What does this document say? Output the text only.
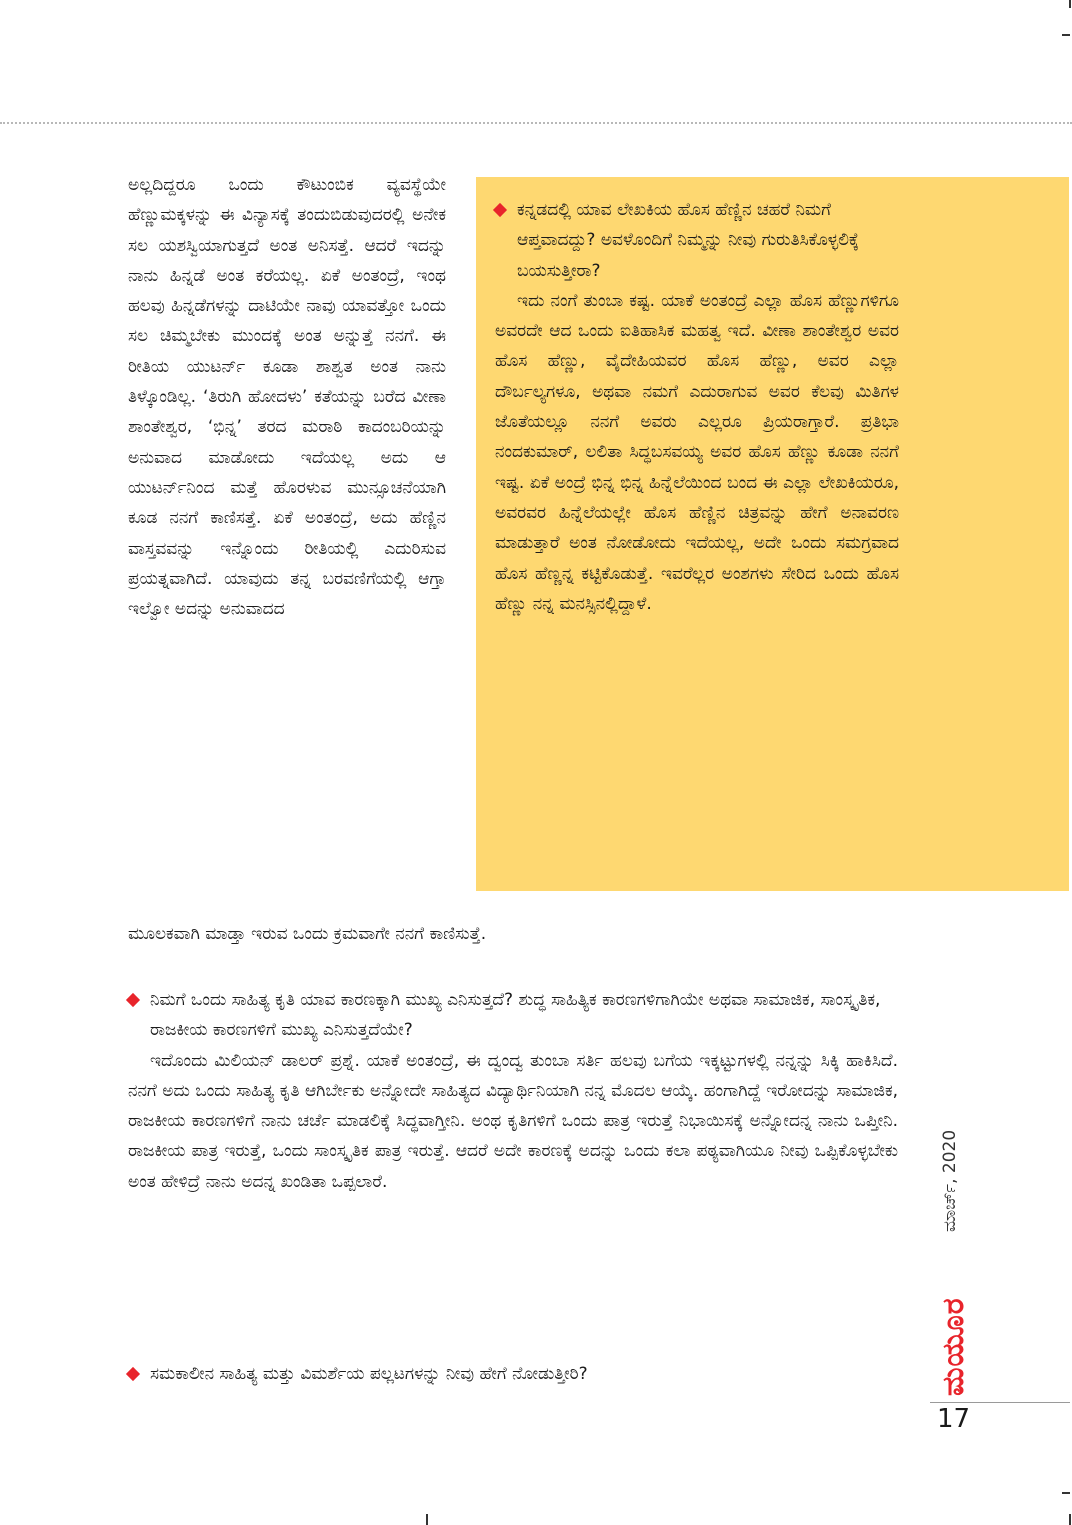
ಅಲ್ಲದಿದ್ದರೂ ಒಂದು ಕೌಟುಂಬಿಕ ವ್ಯವಸ್ಥೆಯೇ ಹೆಣ್ಣುಮಕ್ಕಳನ್ನು ಈ ವಿನ್ಯಾಸಕ್ಕೆ ತಂದುಬಿಡುವುದರಲ್ಲಿ ಅನೇಕ ಸಲ ಯಶಸ್ವಿಯಾಗುತ್ತದೆ ಅಂತ ಅನಿಸತ್ತೆ. ಆದರೆ ಇದನ್ನು ನಾನು ಹಿನ್ನಡೆ ಅಂತ ಕರೆಯಲ್ಲ. ಏಕೆ ಅಂತಂದ್ರೆ, ಇಂಥ ಹಲವು ಹಿನ್ನಡೆಗಳನ್ನು ದಾಟಿಯೇ ನಾವು ಯಾವತ್ತೋ ಒಂದು ಸಲ ಚಿಮ್ಮಬೇಕು ಮುಂದಕ್ಕೆ ಅಂತ ಅನ್ನುತ್ತೆ ನನಗೆ. ಈ ರೀತಿಯ ಯುಟರ್ನ್ ಕೂಡಾ ಶಾಶ್ವತ ಅಂತ ನಾನು ತಿಳ್ಕೊಂಡಿಲ್ಲ. ‘ತಿರುಗಿ ಹೋದಳು’ ಕತೆಯನ್ನು ಬರೆದ ವೀಣಾ ಶಾಂತೇಶ್ವರ, ‘ಭಿನ್ನ’ ತರದ ಮರಾಠಿ ಕಾದಂಬರಿಯನ್ನು ಅನುವಾದ ಮಾಡೋದು ಇದೆಯಲ್ಲ ಅದು ಆ ಯುಟರ್ನ್‌ನಿಂದ ಮತ್ತೆ ಹೊರಳುವ ಮುನ್ಸೂಚನೆಯಾಗಿ ಕೂಡ ನನಗೆ ಕಾಣಿಸತ್ತೆ. ಏಕೆ ಅಂತಂದ್ರೆ, ಅದು ಹೆಣ್ಣಿನ ವಾಸ್ತವವನ್ನು ಇನ್ನೊಂದು ರೀತಿಯಲ್ಲಿ ಎದುರಿಸುವ ಪ್ರಯತ್ನವಾಗಿದೆ. ಯಾವುದು ತನ್ನ ಬರವಣಿಗೆಯಲ್ಲಿ ಆಗ್ತಾ ಇಲ್ವೋ ಅದನ್ನು ಅನುವಾದದ

ಕನ್ನಡದಲ್ಲಿ ಯಾವ ಲೇಖಕಿಯ ಹೊಸ ಹೆಣ್ಣಿನ ಚಹರೆ ನಿಮಗೆ ಆಪ್ತವಾದದ್ದು? ಅವಳೊಂದಿಗೆ ನಿಮ್ಮನ್ನು ನೀವು ಗುರುತಿಸಿಕೊಳ್ಳಲಿಕ್ಕೆ ಬಯಸುತ್ತೀರಾ?

ಇದು ನಂಗೆ ತುಂಬಾ ಕಷ್ಟ. ಯಾಕೆ ಅಂತಂದ್ರೆ ಎಲ್ಲಾ ಹೊಸ ಹೆಣ್ಣುಗಳಿಗೂ ಅವರದೇ ಆದ ಒಂದು ಐತಿಹಾಸಿಕ ಮಹತ್ವ ಇದೆ. ವೀಣಾ ಶಾಂತೇಶ್ವರ ಅವರ ಹೊಸ ಹೆಣ್ಣು, ವೈದೇಹಿಯವರ ಹೊಸ ಹೆಣ್ಣು, ಅವರ ಎಲ್ಲಾ ದೌರ್ಬಲ್ಯಗಳೂ, ಅಥವಾ ನಮಗೆ ಎದುರಾಗುವ ಅವರ ಕೆಲವು ಮಿತಿಗಳ ಜೊತೆಯಲ್ಲೂ ನನಗೆ ಅವರು ಎಲ್ಲರೂ ಪ್ರಿಯರಾಗ್ತಾರೆ. ಪ್ರತಿಭಾ ನಂದಕುಮಾರ್, ಲಲಿತಾ ಸಿದ್ಧಬಸವಯ್ಯ ಅವರ ಹೊಸ ಹೆಣ್ಣು ಕೂಡಾ ನನಗೆ ಇಷ್ಟ. ಏಕೆ ಅಂದ್ರೆ ಭಿನ್ನ ಭಿನ್ನ ಹಿನ್ನೆಲೆಯಿಂದ ಬಂದ ಈ ಎಲ್ಲಾ ಲೇಖಕಿಯರೂ, ಅವರವರ ಹಿನ್ನೆಲೆಯಲ್ಲೇ ಹೊಸ ಹೆಣ್ಣಿನ ಚಿತ್ರವನ್ನು ಹೇಗೆ ಅನಾವರಣ ಮಾಡುತ್ತಾರೆ ಅಂತ ನೋಡೋದು ಇದೆಯಲ್ಲ, ಅದೇ ಒಂದು ಸಮಗ್ರವಾದ ಹೊಸ ಹೆಣ್ಣನ್ನ ಕಟ್ಟಿಕೊಡುತ್ತೆ. ಇವರೆಲ್ಲರ ಅಂಶಗಳು ಸೇರಿದ ಒಂದು ಹೊಸ ಹೆಣ್ಣು ನನ್ನ ಮನಸ್ಸಿನಲ್ಲಿದ್ದಾಳೆ.

ಮೂಲಕವಾಗಿ ಮಾಡ್ತಾ ಇರುವ ಒಂದು ಕ್ರಮವಾಗೇ ನನಗೆ ಕಾಣಿಸುತ್ತೆ.

ನಿಮಗೆ ಒಂದು ಸಾಹಿತ್ಯ ಕೃತಿ ಯಾವ ಕಾರಣಕ್ಕಾಗಿ ಮುಖ್ಯ ಎನಿಸುತ್ತದೆ? ಶುದ್ಧ ಸಾಹಿತ್ಯಿಕ ಕಾರಣಗಳಿಗಾಗಿಯೇ ಅಥವಾ ಸಾಮಾಜಿಕ, ಸಾಂಸ್ಕೃತಿಕ, ರಾಜಕೀಯ ಕಾರಣಗಳಿಗೆ ಮುಖ್ಯ ಎನಿಸುತ್ತದೆಯೇ?

ಇದೊಂದು ಮಿಲಿಯನ್ ಡಾಲರ್ ಪ್ರಶ್ನೆ. ಯಾಕೆ ಅಂತಂದ್ರೆ, ಈ ದ್ವಂದ್ವ ತುಂಬಾ ಸರ್ತಿ ಹಲವು ಬಗೆಯ ಇಕ್ಕಟ್ಟುಗಳಲ್ಲಿ ನನ್ನನ್ನು ಸಿಕ್ಕಿ ಹಾಕಿಸಿದೆ. ನನಗೆ ಅದು ಒಂದು ಸಾಹಿತ್ಯ ಕೃತಿ ಆಗಿರ್ಬೇಕು ಅನ್ನೋದೇ ಸಾಹಿತ್ಯದ ವಿದ್ಯಾರ್ಥಿನಿಯಾಗಿ ನನ್ನ ಮೊದಲ ಆಯ್ಕೆ. ಹಂಗಾಗಿದ್ದೆ ಇರೋದನ್ನು ಸಾಮಾಜಿಕ, ರಾಜಕೀಯ ಕಾರಣಗಳಿಗೆ ನಾನು ಚರ್ಚೆ ಮಾಡಲಿಕ್ಕೆ ಸಿದ್ಧವಾಗ್ತೀನಿ. ಅಂಥ ಕೃತಿಗಳಿಗೆ ಒಂದು ಪಾತ್ರ ಇರುತ್ತೆ ನಿಭಾಯಿಸಕ್ಕೆ ಅನ್ನೋದನ್ನ ನಾನು ಒಪ್ತೀನಿ. ರಾಜಕೀಯ ಪಾತ್ರ ಇರುತ್ತೆ, ಒಂದು ಸಾಂಸ್ಕೃತಿಕ ಪಾತ್ರ ಇರುತ್ತೆ. ಆದರೆ ಅದೇ ಕಾರಣಕ್ಕೆ ಅದನ್ನು ಒಂದು ಕಲಾ ಪಠ್ಯವಾಗಿಯೂ ನೀವು ಒಪ್ಪಿಕೊಳ್ಳಬೇಕು ಅಂತ ಹೇಳಿದ್ರೆ ನಾನು ಅದನ್ನ ಖಂಡಿತಾ ಒಪ್ಪಲಾರೆ.

ಸಮಕಾಲೀನ ಸಾಹಿತ್ಯ ಮತ್ತು ವಿಮರ್ಶೆಯ ಪಲ್ಲಟಗಳನ್ನು ನೀವು ಹೇಗೆ ನೋಡುತ್ತೀರಿ?

ಮಾರ್ಚ್, 2020
ಮಯೂರ
17
